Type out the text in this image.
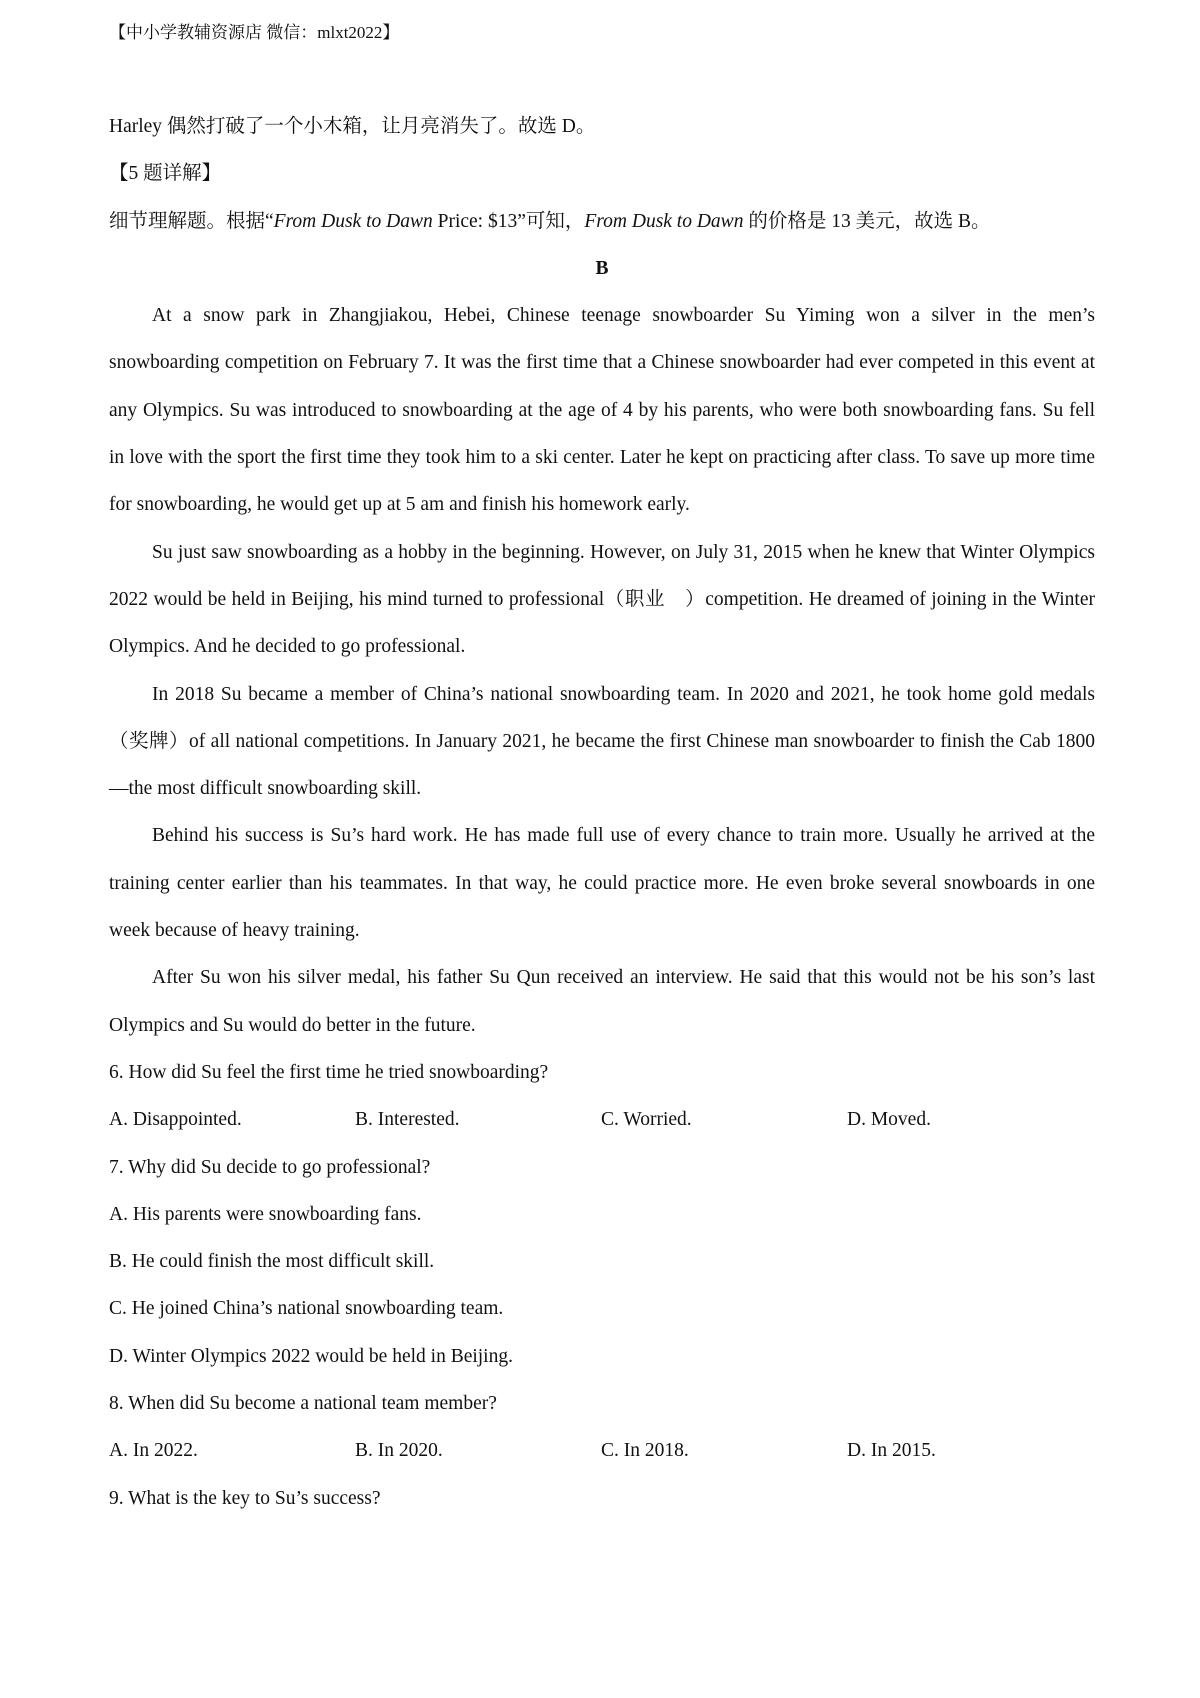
【中小学教辅资源店 微信：mlxt2022】

Harley 偶然打破了一个小木箱，让月亮消失了。故选 D。

【5 题详解】

细节理解题。根据“From Dusk to Dawn Price: $13”可知，From Dusk to Dawn 的价格是 13 美元，故选 B。

B

At a snow park in Zhangjiakou, Hebei, Chinese teenage snowboarder Su Yiming won a silver in the men’s snowboarding competition on February 7. It was the first time that a Chinese snowboarder had ever competed in this event at any Olympics. Su was introduced to snowboarding at the age of 4 by his parents, who were both snowboarding fans. Su fell in love with the sport the first time they took him to a ski center. Later he kept on practicing after class. To save up more time for snowboarding, he would get up at 5 am and finish his homework early.

Su just saw snowboarding as a hobby in the beginning. However, on July 31, 2015 when he knew that Winter Olympics 2022 would be held in Beijing, his mind turned to professional（职业　）competition. He dreamed of joining in the Winter Olympics. And he decided to go professional.

In 2018 Su became a member of China’s national snowboarding team. In 2020 and 2021, he took home gold medals（奖牌）of all national competitions. In January 2021, he became the first Chinese man snowboarder to finish the Cab 1800—the most difficult snowboarding skill.

Behind his success is Su’s hard work. He has made full use of every chance to train more. Usually he arrived at the training center earlier than his teammates. In that way, he could practice more. He even broke several snowboards in one week because of heavy training.

After Su won his silver medal, his father Su Qun received an interview. He said that this would not be his son’s last Olympics and Su would do better in the future.

6. How did Su feel the first time he tried snowboarding?

A. Disappointed.	B. Interested.	C. Worried.	D. Moved.

7. Why did Su decide to go professional?

A. His parents were snowboarding fans.

B. He could finish the most difficult skill.

C. He joined China’s national snowboarding team.

D. Winter Olympics 2022 would be held in Beijing.

8. When did Su become a national team member?

A. In 2022.	B. In 2020.	C. In 2018.	D. In 2015.

9. What is the key to Su’s success?
